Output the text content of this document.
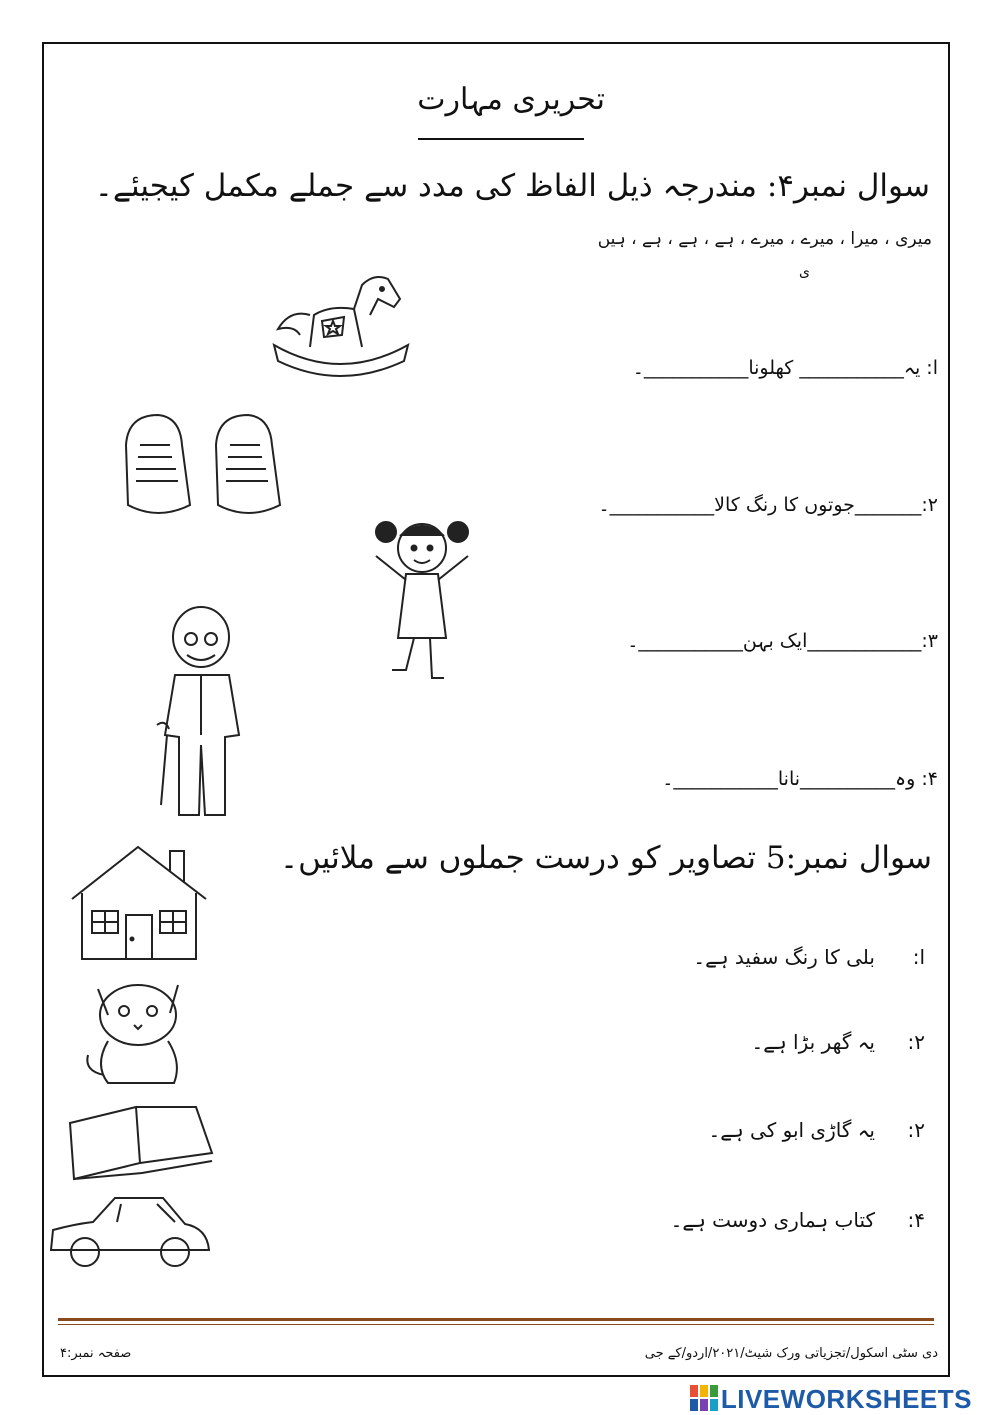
تحریری مہارت
سوال نمبر۴: مندرجہ ذیل الفاظ کی مدد سے جملے مکمل کیجیئے۔
میری ، میرا ، میرے ، میرے ، ہے ، ہے ، ہے ، ہیں
ی
ا: یہ___________ کھلونا___________۔
۲:_______جوتوں کا رنگ کالا___________۔
۳:____________ایک بہن___________۔
۴: وہ__________نانا___________۔
سوال نمبر:5 تصاویر کو درست جملوں سے ملائیں۔
ا:بلی کا رنگ سفید ہے۔
۲:یہ گھر بڑا ہے۔
۲:یہ گاڑی ابو کی ہے۔
۴:کتاب ہماری دوست ہے۔
صفحہ نمبر:۴	دی سٹی اسکول/تجزیاتی ورک شیٹ/۲۰۲۱/اردو/کے جی
LIVEWORKSHEETS
